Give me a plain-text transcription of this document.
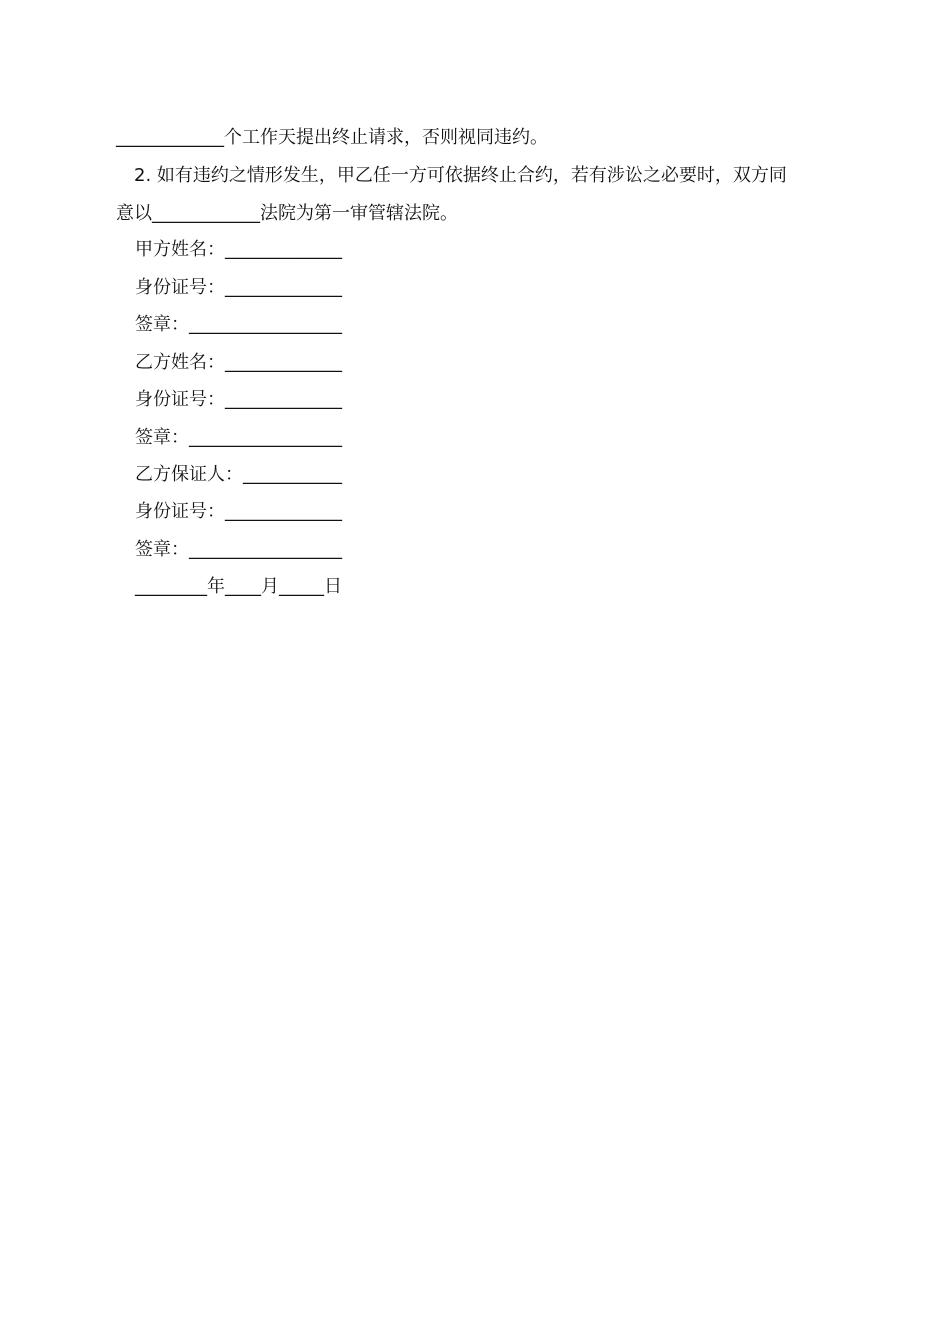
____________个工作天提出终止请求，否则视同违约。
2. 如有违约之情形发生，甲乙任一方可依据终止合约，若有涉讼之必要时，双方同
意以____________法院为第一审管辖法院。
甲方姓名：_____________
身份证号：_____________
签章：_________________
乙方姓名：_____________
身份证号：_____________
签章：_________________
乙方保证人：___________
身份证号：_____________
签章：_________________
________年____月_____日
